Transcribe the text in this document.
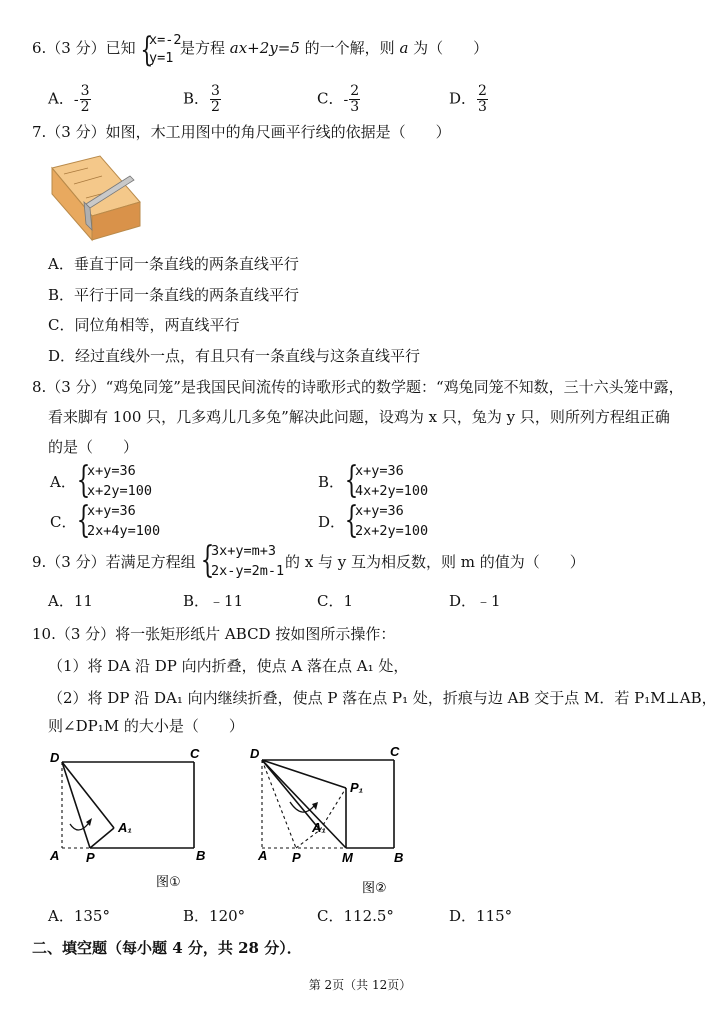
6.（3 分）已知 {
x=-2
y=1
是方程 ax+2y=5 的一个解，则 a 为（　　）
A．- $\frac{3}{2}$	B． $\frac{3}{2}$	C．- $\frac{2}{3}$	D． $\frac{2}{3}$
7.（3 分）如图，木工用图中的角尺画平行线的依据是（　　）
A．垂直于同一条直线的两条直线平行
B．平行于同一条直线的两条直线平行
C．同位角相等，两直线平行
D．经过直线外一点，有且只有一条直线与这条直线平行
8.（3 分）“鸡兔同笼”是我国民间流传的诗歌形式的数学题：“鸡兔同笼不知数，三十六头笼中露，
看来脚有 100 只，几多鸡儿几多兔”解决此问题，设鸡为 x 只，兔为 y 只，则所列方程组正确
的是（　　）
A． {
x+y=36
x+2y=100	B． {
x+y=36
4x+2y=100
C． {
x+y=36
2x+4y=100	D． {
x+y=36
2x+2y=100
9.（3 分）若满足方程组 {
3x+y=m+3
2x-y=2m-1 的 x 与 y 互为相反数，则 m 的值为（　　）
A．11	B．﹣11	C．1	D．﹣1
10.（3 分）将一张矩形纸片 ABCD 按如图所示操作：
（1）将 DA 沿 DP 向内折叠，使点 A 落在点 A₁ 处，
（2）将 DP 沿 DA₁ 向内继续折叠，使点 P 落在点 P₁ 处，折痕与边 AB 交于点 M．若 P₁M⊥AB，
则∠DP₁M 的大小是（　　）
D	C
A P	B
A₁
图①
D	C
A P	M	B
A₁
P₁
图②
A．135°	B．120°	C．112.5°	D．115°
二、填空题（每小题 4 分，共 28 分）．
第 2页（共 12页）
